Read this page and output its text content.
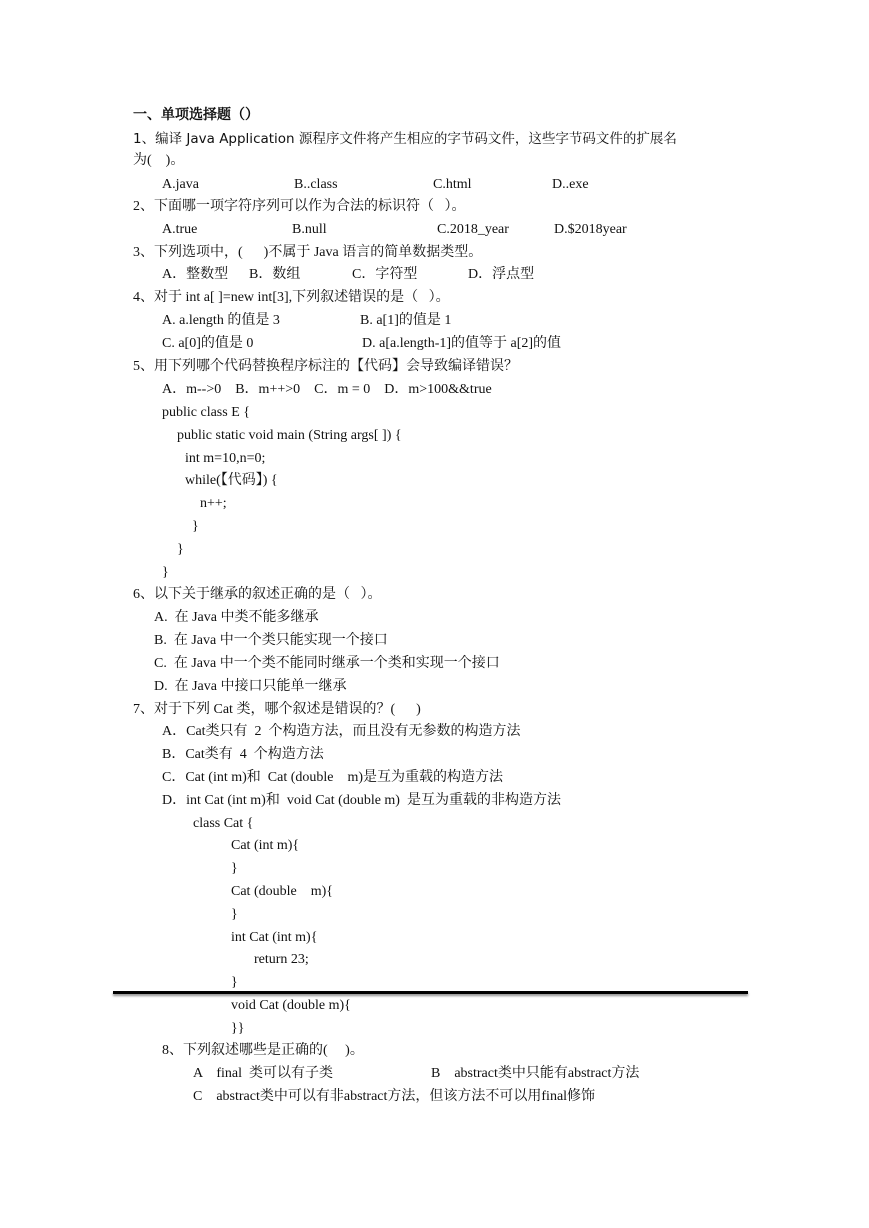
一、单项选择题（）
1、编译 Java Application 源程序文件将产生相应的字节码文件，这些字节码文件的扩展名
为(    )。
A.java	B..class	C.html	D..exe
2、下面哪一项字符序列可以作为合法的标识符（   ）。
A.true	B.null	C.2018_year	D.$2018year
3、下列选项中，(      )不属于 Java 语言的简单数据类型。
A．整数型 B．数组	C．字符型	D．浮点型
4、对于 int a[ ]=new int[3],下列叙述错误的是（   ）。
A. a.length 的值是 3	B. a[1]的值是 1
C. a[0]的值是 0	D. a[a.length-1]的值等于 a[2]的值
5、用下列哪个代码替换程序标注的【代码】会导致编译错误？
A．m-->0    B．m++>0    C．m = 0    D．m>100&&true
public class E {
public static void main (String args[ ]) {
int m=10,n=0;
while(【代码】) {
n++;
}
}
}
6、以下关于继承的叙述正确的是（   ）。
A.  在 Java 中类不能多继承
B.  在 Java 中一个类只能实现一个接口
C.  在 Java 中一个类不能同时继承一个类和实现一个接口
D.  在 Java 中接口只能单一继承
7、对于下列 Cat 类，哪个叙述是错误的？(      )
A．Cat类只有  2  个构造方法，而且没有无参数的构造方法
B．Cat类有  4  个构造方法
C．Cat (int m)和  Cat (double    m)是互为重载的构造方法
D．int Cat (int m)和  void Cat (double m)  是互为重载的非构造方法
class Cat {
Cat (int m){
}
Cat (double    m){
}
int Cat (int m){
return 23;
}
void Cat (double m){
}}
8、下列叙述哪些是正确的(     )。
A    final  类可以有子类	B    abstract类中只能有abstract方法
C    abstract类中可以有非abstract方法，但该方法不可以用final修饰
